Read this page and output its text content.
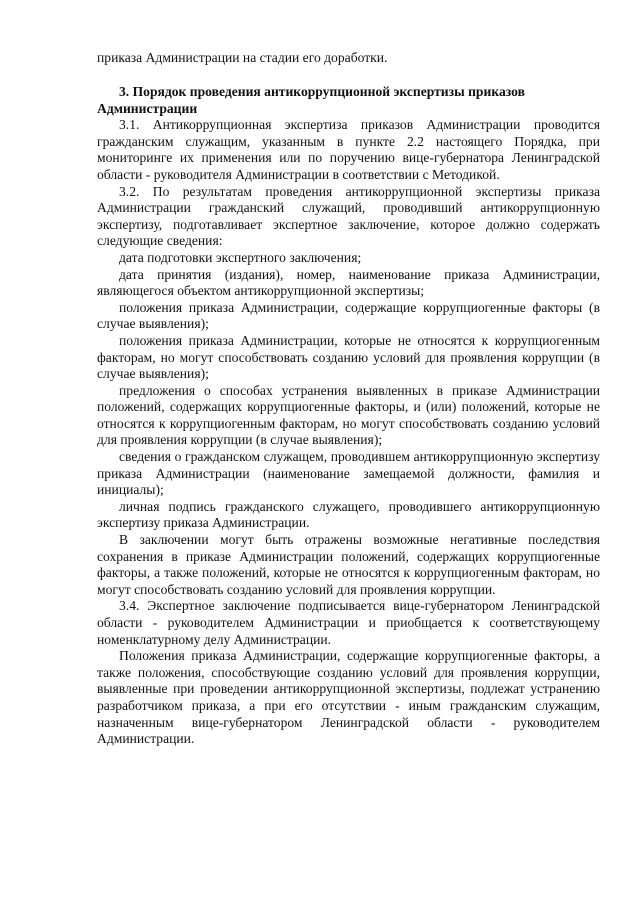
приказа Администрации на стадии его доработки.

3. Порядок проведения антикоррупционной экспертизы приказов Администрации

3.1. Антикоррупционная экспертиза приказов Администрации проводится гражданским служащим, указанным в пункте 2.2 настоящего Порядка, при мониторинге их применения или по поручению вице-губернатора Ленинградской области - руководителя Администрации в соответствии с Методикой.

3.2. По результатам проведения антикоррупционной экспертизы приказа Администрации гражданский служащий, проводивший антикоррупционную экспертизу, подготавливает экспертное заключение, которое должно содержать следующие сведения:

дата подготовки экспертного заключения;

дата принятия (издания), номер, наименование приказа Администрации, являющегося объектом антикоррупционной экспертизы;

положения приказа Администрации, содержащие коррупциогенные факторы (в случае выявления);

положения приказа Администрации, которые не относятся к коррупциогенным факторам, но могут способствовать созданию условий для проявления коррупции (в случае выявления);

предложения о способах устранения выявленных в приказе Администрации положений, содержащих коррупциогенные факторы, и (или) положений, которые не относятся к коррупциогенным факторам, но могут способствовать созданию условий для проявления коррупции (в случае выявления);

сведения о гражданском служащем, проводившем антикоррупционную экспертизу приказа Администрации (наименование замещаемой должности, фамилия и инициалы);

личная подпись гражданского служащего, проводившего антикоррупционную экспертизу приказа Администрации.

В заключении могут быть отражены возможные негативные последствия сохранения в приказе Администрации положений, содержащих коррупциогенные факторы, а также положений, которые не относятся к коррупциогенным факторам, но могут способствовать созданию условий для проявления коррупции.

3.4. Экспертное заключение подписывается вице-губернатором Ленинградской области - руководителем Администрации и приобщается к соответствующему номенклатурному делу Администрации.

Положения приказа Администрации, содержащие коррупциогенные факторы, а также положения, способствующие созданию условий для проявления коррупции, выявленные при проведении антикоррупционной экспертизы, подлежат устранению разработчиком приказа, а при его отсутствии - иным гражданским служащим, назначенным вице-губернатором Ленинградской области - руководителем Администрации.
